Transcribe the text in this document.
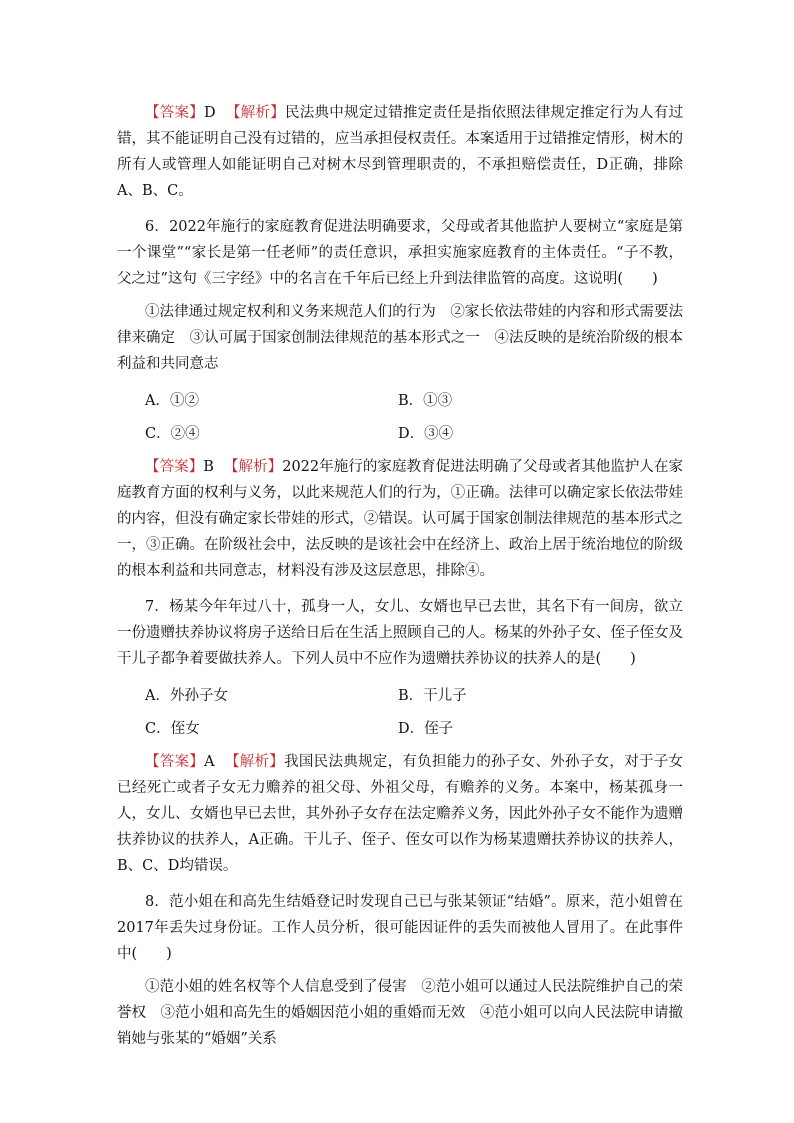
【 答案 】 D 【 解析 】 民法典中规定过错推定责任是指依照法律规定推定行为人有过错，其不能证明自己没有过错的，应当承担侵权责任。本案适用于过错推定情形，树木的所有人或管理人如能证明自己对树木尽到管理职责的，不承担赔偿责任，D正确，排除A、B、C。

6．2022年施行的家庭教育促进法明确要求，父母或者其他监护人要树立“家庭是第一个课堂”“家长是第一任老师”的责任意识，承担实施家庭教育的主体责任。“子不教，父之过”这句《三字经》中的名言在千年后已经上升到法律监管的高度。这说明(　　)

①法律通过规定权利和义务来规范人们的行为　②家长依法带娃的内容和形式需要法律来确定　③认可属于国家创制法律规范的基本形式之一　④法反映的是统治阶级的根本利益和共同意志

A．①②	B．①③
C．②④	D．③④

【 答案 】 B 【 解析 】 2022年施行的家庭教育促进法明确了父母或者其他监护人在家庭教育方面的权利与义务，以此来规范人们的行为，①正确。法律可以确定家长依法带娃的内容，但没有确定家长带娃的形式，②错误。认可属于国家创制法律规范的基本形式之一，③正确。在阶级社会中，法反映的是该社会中在经济上、政治上居于统治地位的阶级的根本利益和共同意志，材料没有涉及这层意思，排除④。

7．杨某今年年过八十，孤身一人，女儿、女婿也早已去世，其名下有一间房，欲立一份遗赠扶养协议将房子送给日后在生活上照顾自己的人。杨某的外孙子女、侄子侄女及干儿子都争着要做扶养人。下列人员中不应作为遗赠扶养协议的扶养人的是(　　)

A．外孙子女	B．干儿子
C．侄女	D．侄子

【 答案 】 A 【 解析 】 我国民法典规定，有负担能力的孙子女、外孙子女，对于子女已经死亡或者子女无力赡养的祖父母、外祖父母，有赡养的义务。本案中，杨某孤身一人，女儿、女婿也早已去世，其外孙子女存在法定赡养义务，因此外孙子女不能作为遗赠扶养协议的扶养人，A正确。干儿子、侄子、侄女可以作为杨某遗赠扶养协议的扶养人，B、C、D均错误。

8．范小姐在和高先生结婚登记时发现自己已与张某领证“结婚”。原来，范小姐曾在2017年丢失过身份证。工作人员分析，很可能因证件的丢失而被他人冒用了。在此事件中(　　)

①范小姐的姓名权等个人信息受到了侵害　②范小姐可以通过人民法院维护自己的荣誉权　③范小姐和高先生的婚姻因范小姐的重婚而无效　④范小姐可以向人民法院申请撤销她与张某的“婚姻”关系
